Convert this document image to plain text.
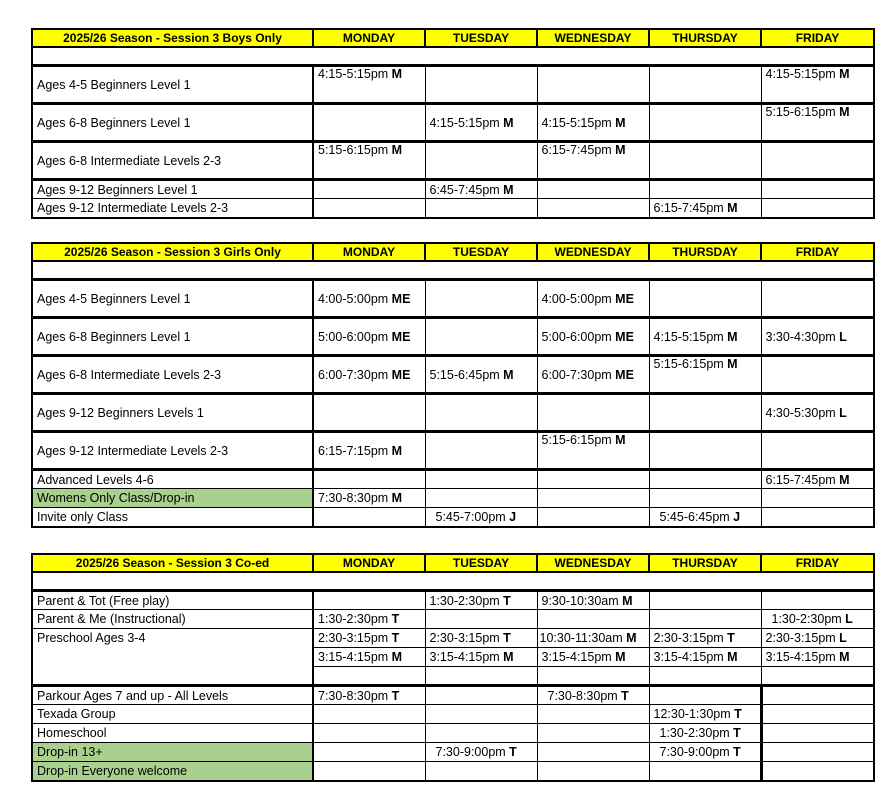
2025/26 Season - Session 3 Boys Only	MONDAY	TUESDAY	WEDNESDAY	THURSDAY	FRIDAY

Ages 4-5 Beginners Level 1	4:15-5:15pm M				4:15-5:15pm M
Ages 6-8 Beginners Level 1		4:15-5:15pm M	4:15-5:15pm M		5:15-6:15pm M
Ages 6-8 Intermediate Levels 2-3	5:15-6:15pm M		6:15-7:45pm M		
Ages 9-12 Beginners Level 1		6:45-7:45pm M			
Ages 9-12 Intermediate Levels 2-3				6:15-7:45pm M	
2025/26 Season - Session 3 Girls Only	MONDAY	TUESDAY	WEDNESDAY	THURSDAY	FRIDAY

Ages 4-5 Beginners Level 1	4:00-5:00pm ME		4:00-5:00pm ME		
Ages 6-8 Beginners Level 1	5:00-6:00pm ME		5:00-6:00pm ME	4:15-5:15pm M	3:30-4:30pm L
Ages 6-8 Intermediate Levels 2-3	6:00-7:30pm ME	5:15-6:45pm M	6:00-7:30pm ME	5:15-6:15pm M	
Ages 9-12 Beginners Levels 1					4:30-5:30pm L
Ages 9-12 Intermediate Levels 2-3	6:15-7:15pm M		5:15-6:15pm M		
Advanced Levels 4-6					6:15-7:45pm M
Womens Only Class/Drop-in	7:30-8:30pm M				
Invite only Class		5:45-7:00pm J		5:45-6:45pm J	
2025/26 Season - Session 3 Co-ed	MONDAY	TUESDAY	WEDNESDAY	THURSDAY	FRIDAY

Parent & Tot (Free play)		1:30-2:30pm T	9:30-10:30am M		
Parent & Me (Instructional)	1:30-2:30pm T				1:30-2:30pm L
Preschool Ages 3-4	2:30-3:15pm T	2:30-3:15pm T	10:30-11:30am M	2:30-3:15pm T	2:30-3:15pm L
	3:15-4:15pm M	3:15-4:15pm M	3:15-4:15pm M	3:15-4:15pm M	3:15-4:15pm M

Parkour Ages 7 and up - All Levels	7:30-8:30pm T		7:30-8:30pm T		
Texada Group				12:30-1:30pm T	
Homeschool				1:30-2:30pm T	
Drop-in 13+		7:30-9:00pm T		7:30-9:00pm T	
Drop-in Everyone welcome					
